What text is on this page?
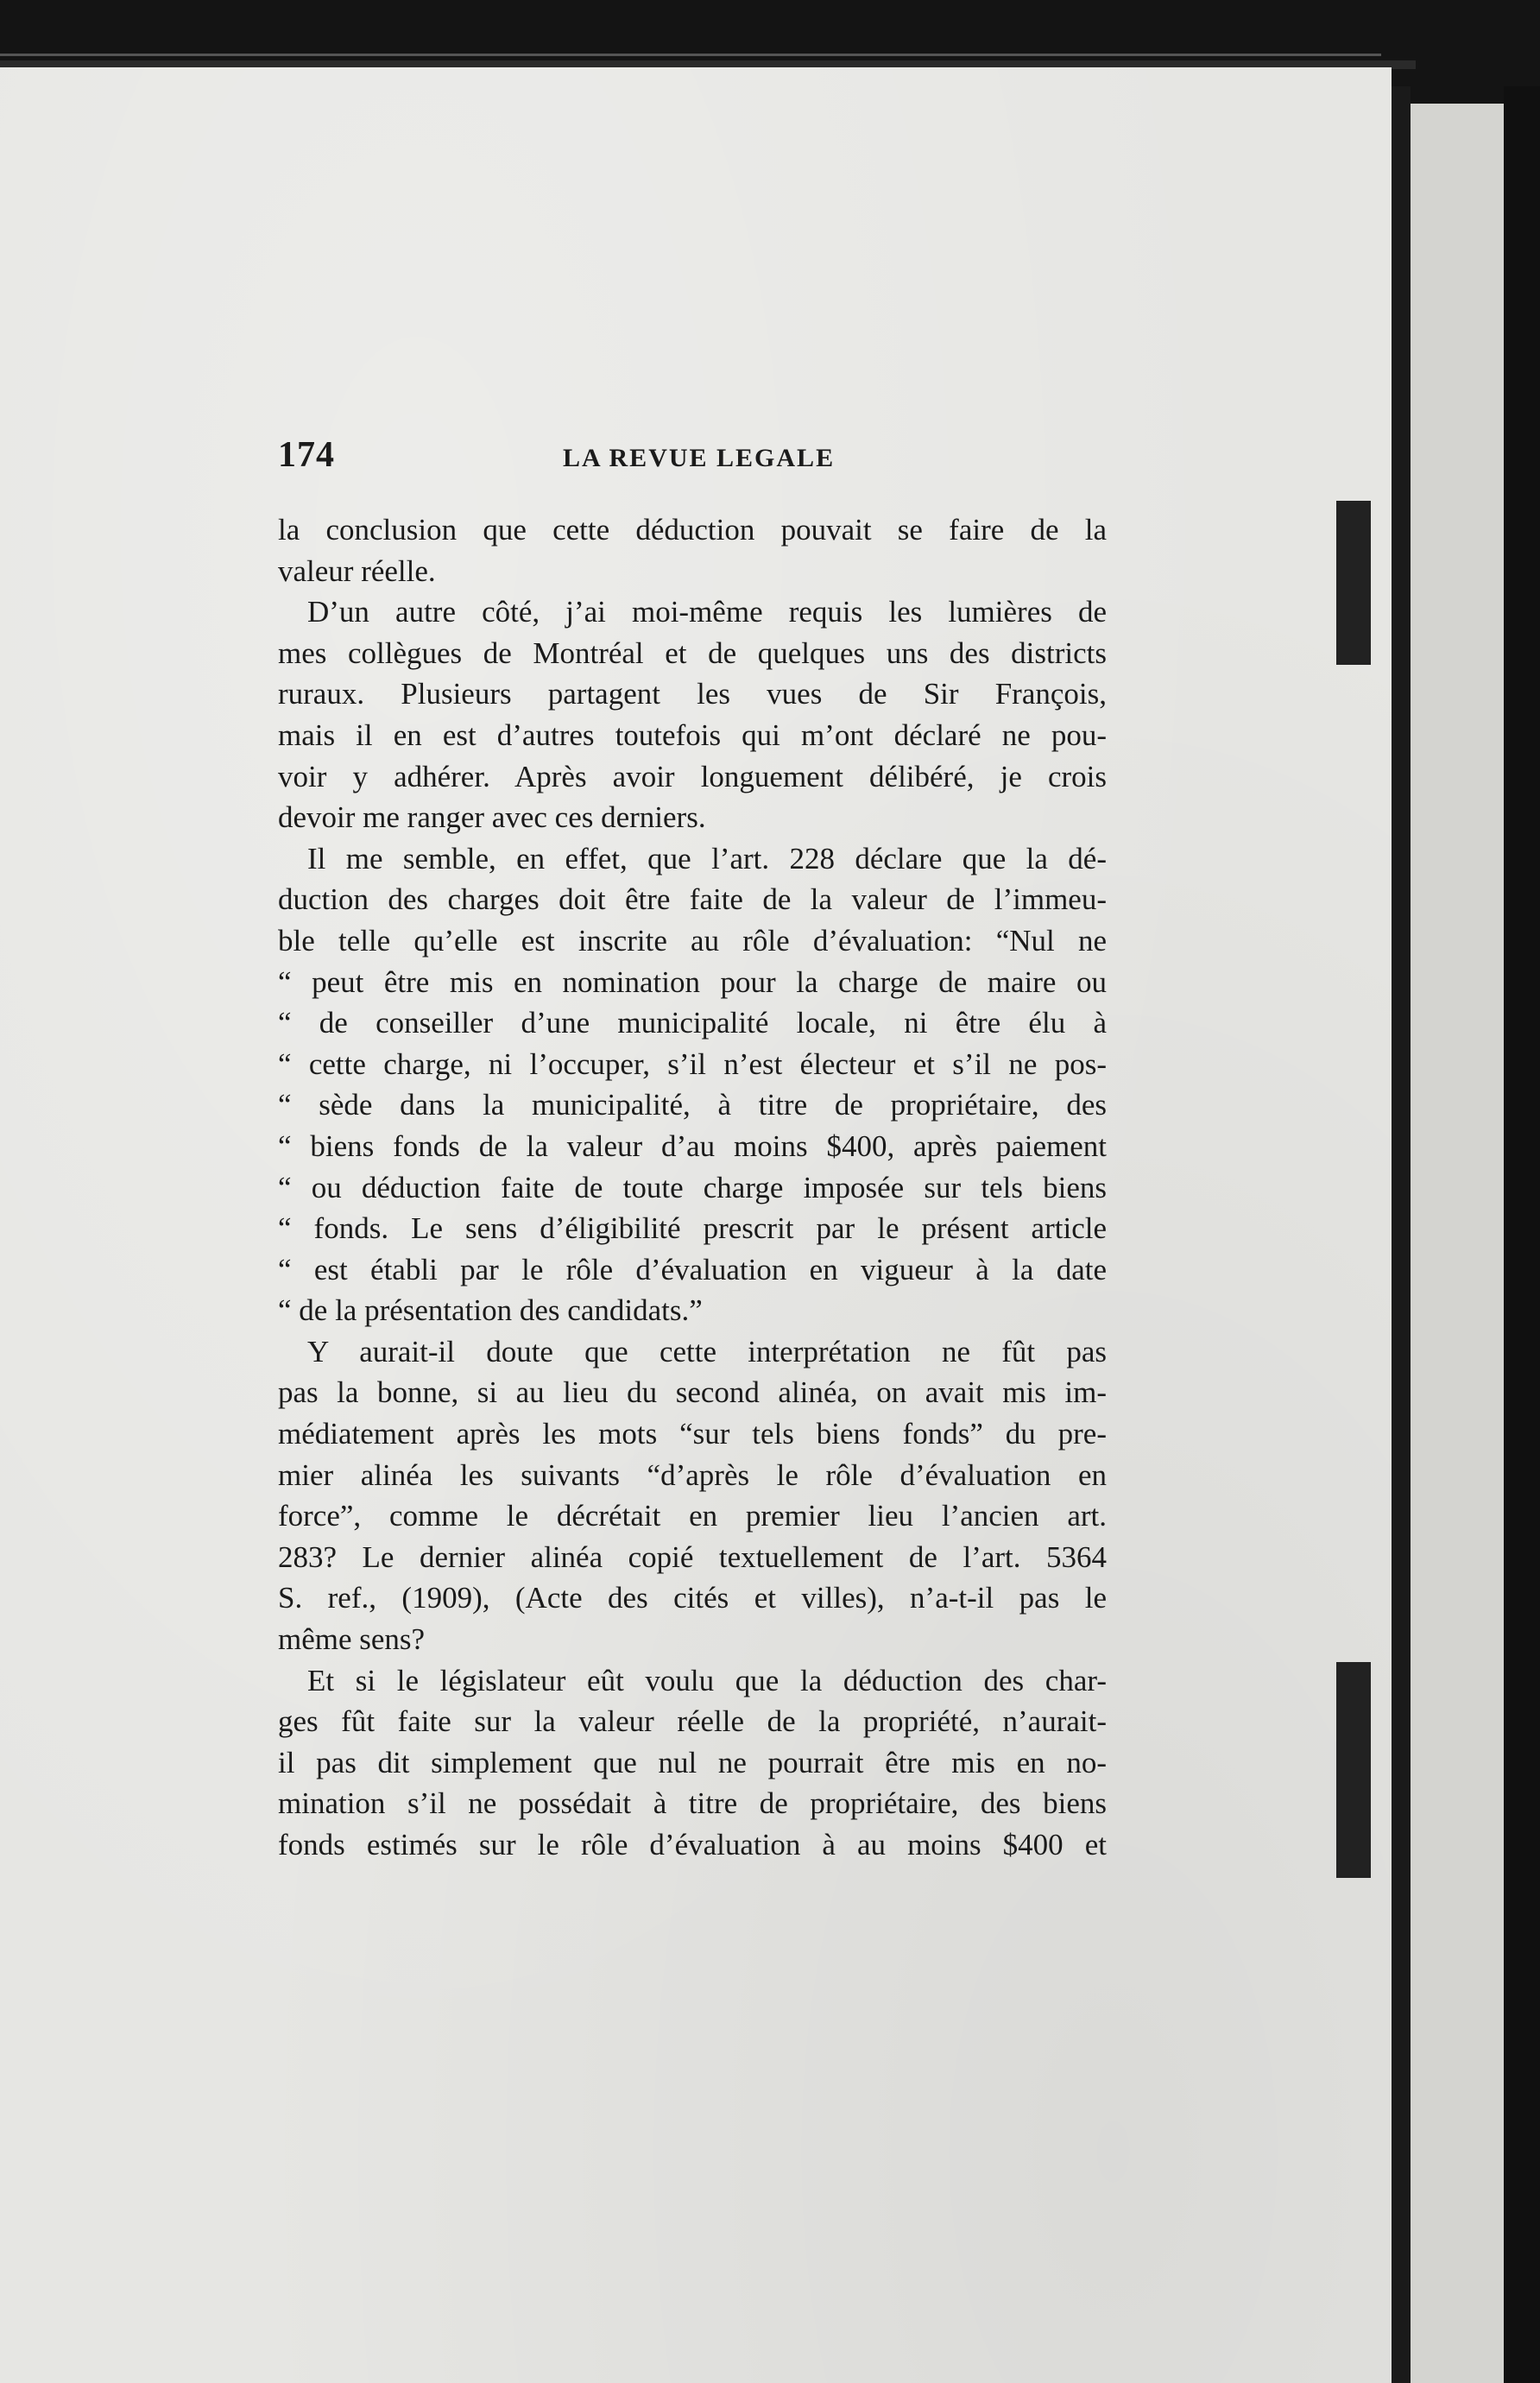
174	LA REVUE LEGALE
la conclusion que cette déduction pouvait se faire de la
valeur réelle.
D’un autre côté, j’ai moi-même requis les lumières de
mes collègues de Montréal et de quelques uns des districts
ruraux. Plusieurs partagent les vues de Sir François,
mais il en est d’autres toutefois qui m’ont déclaré ne pou-
voir y adhérer. Après avoir longuement délibéré, je crois
devoir me ranger avec ces derniers.
Il me semble, en effet, que l’art. 228 déclare que la dé-
duction des charges doit être faite de la valeur de l’immeu-
ble telle qu’elle est inscrite au rôle d’évaluation: “Nul ne
“ peut être mis en nomination pour la charge de maire ou
“ de conseiller d’une municipalité locale, ni être élu à
“ cette charge, ni l’occuper, s’il n’est électeur et s’il ne pos-
“ sède dans la municipalité, à titre de propriétaire, des
“ biens fonds de la valeur d’au moins $400, après paiement
“ ou déduction faite de toute charge imposée sur tels biens
“ fonds. Le sens d’éligibilité prescrit par le présent article
“ est établi par le rôle d’évaluation en vigueur à la date
“ de la présentation des candidats.”
Y aurait-il doute que cette interprétation ne fût pas
pas la bonne, si au lieu du second alinéa, on avait mis im-
médiatement après les mots “sur tels biens fonds” du pre-
mier alinéa les suivants “d’après le rôle d’évaluation en
force”, comme le décrétait en premier lieu l’ancien art.
283? Le dernier alinéa copié textuellement de l’art. 5364
S. ref., (1909), (Acte des cités et villes), n’a-t-il pas le
même sens?
Et si le législateur eût voulu que la déduction des char-
ges fût faite sur la valeur réelle de la propriété, n’aurait-
il pas dit simplement que nul ne pourrait être mis en no-
mination s’il ne possédait à titre de propriétaire, des biens
fonds estimés sur le rôle d’évaluation à au moins $400 et
